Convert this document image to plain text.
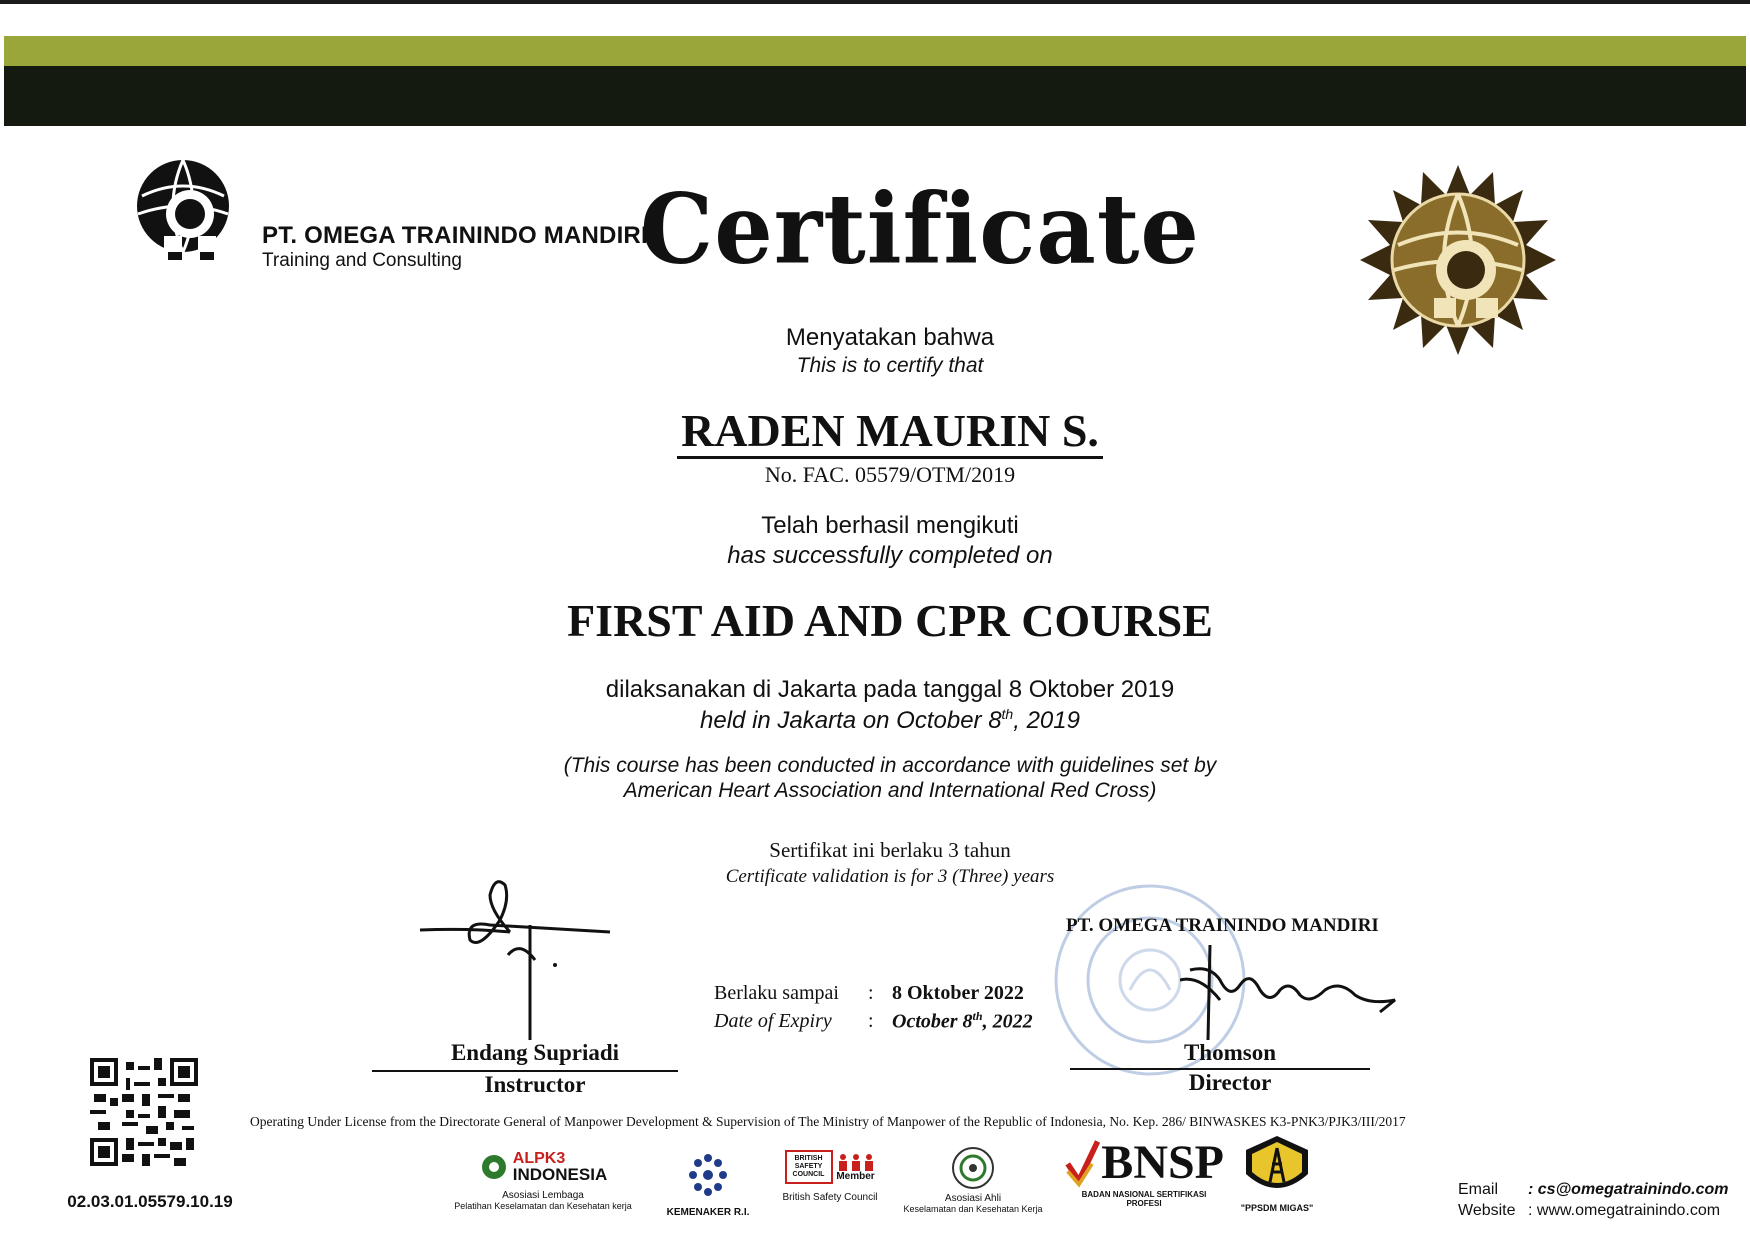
PT. OMEGA TRAININDO MANDIRI
Training and Consulting Certificate
Menyatakan bahwa
This is to certify that
RADEN MAURIN S.
No. FAC. 05579/OTM/2019
Telah berhasil mengikuti
has successfully completed on
FIRST AID AND CPR COURSE
dilaksanakan di Jakarta pada tanggal 8 Oktober 2019
held in Jakarta on October 8th, 2019
(This course has been conducted in accordance with guidelines set by
American Heart Association and International Red Cross)
Sertifikat ini berlaku 3 tahun
Certificate validation is for 3 (Three) years
Endang Supriadi
Instructor
Berlaku sampai	:	8 Oktober 2022
Date of Expiry	:	October 8th, 2022
PT. OMEGA TRAININDO MANDIRI
Thomson
Director
Operating Under License from the Directorate General of Manpower Development & Supervision of The Ministry of Manpower of the Republic of Indonesia, No. Kep. 286/ BINWASKES K3-PNK3/PJK3/III/2017
02.03.01.05579.10.19
ALPK3
INDONESIA
Asosiasi Lembaga
Pelatihan Keselamatan dan Kesehatan kerja
KEMENAKER R.I.
BRITISH SAFETY COUNCIL	Member
British Safety Council	Asosiasi Ahli
Keselamatan dan Kesehatan Kerja
BNSP
BADAN NASIONAL SERTIFIKASI PROFESI	"PPSDM MIGAS"
Email : cs@omegatrainindo.com
Website : www.omegatrainindo.com
